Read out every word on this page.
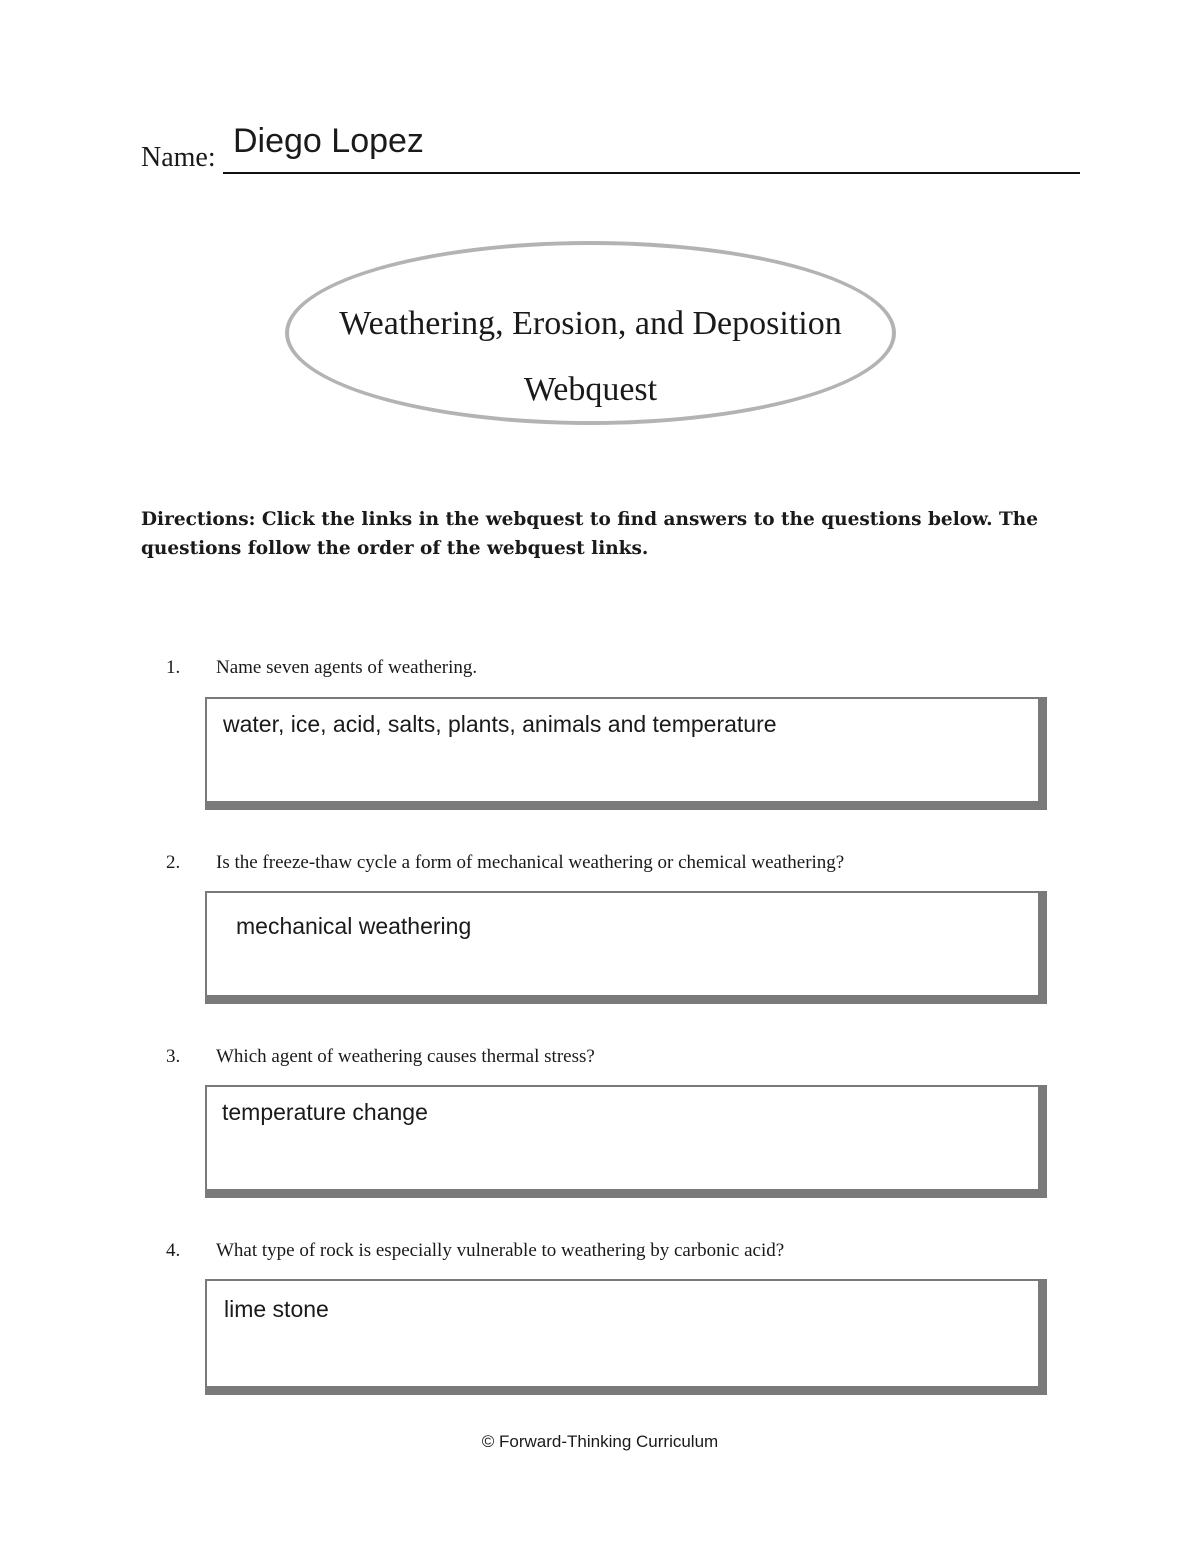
Name: Diego Lopez
Weathering, Erosion, and Deposition
Webquest
Directions: Click the links in the webquest to find answers to the questions below. The questions follow the order of the webquest links.
1. Name seven agents of weathering.
water, ice, acid, salts, plants, animals and temperature
2. Is the freeze-thaw cycle a form of mechanical weathering or chemical weathering?
mechanical weathering
3. Which agent of weathering causes thermal stress?
temperature change
4. What type of rock is especially vulnerable to weathering by carbonic acid?
lime stone
© Forward-Thinking Curriculum
